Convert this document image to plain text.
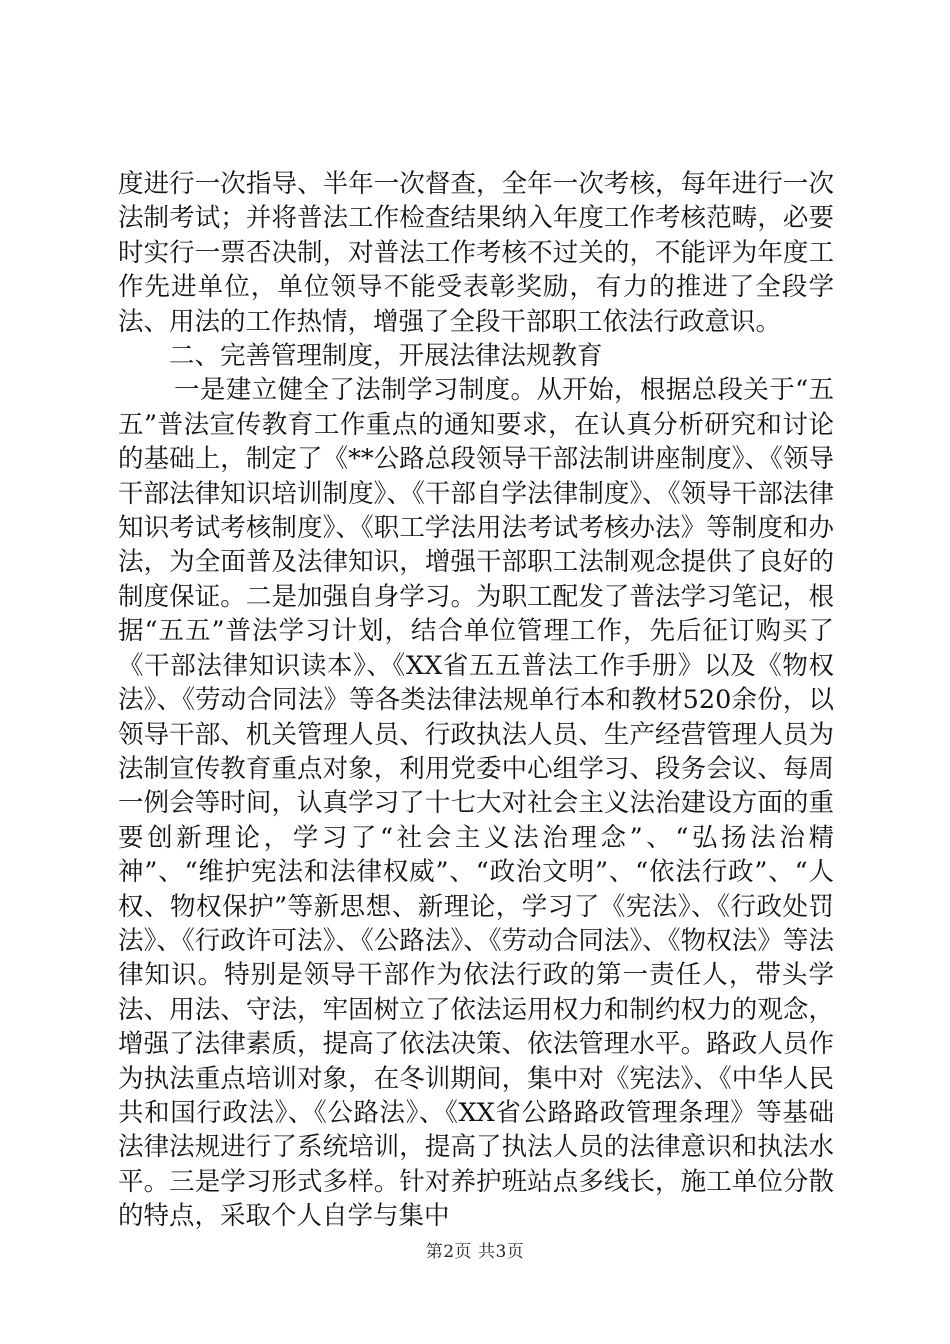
度进行一次指导、半年一次督查，全年一次考核，每年进行一次法制考试；并将普法工作检查结果纳入年度工作考核范畴，必要时实行一票否决制，对普法工作考核不过关的，不能评为年度工作先进单位，单位领导不能受表彰奖励，有力的推进了全段学法、用法的工作热情，增强了全段干部职工依法行政意识。

二、完善管理制度，开展法律法规教育

一是建立健全了法制学习制度。从开始，根据总段关于“五五”普法宣传教育工作重点的通知要求，在认真分析研究和讨论的基础上，制定了《**公路总段领导干部法制讲座制度》、《领导干部法律知识培训制度》、《干部自学法律制度》、《领导干部法律知识考试考核制度》、《职工学法用法考试考核办法》等制度和办法，为全面普及法律知识，增强干部职工法制观念提供了良好的制度保证。二是加强自身学习。为职工配发了普法学习笔记，根据“五五”普法学习计划，结合单位管理工作，先后征订购买了《干部法律知识读本》、《XX省五五普法工作手册》以及《物权法》、《劳动合同法》等各类法律法规单行本和教材520余份，以领导干部、机关管理人员、行政执法人员、生产经营管理人员为法制宣传教育重点对象，利用党委中心组学习、段务会议、每周一例会等时间，认真学习了十七大对社会主义法治建设方面的重要创新理论，学习了“社会主义法治理念”、“弘扬法治精神”、“维护宪法和法律权威”、“政治文明”、“依法行政”、“人权、物权保护”等新思想、新理论，学习了《宪法》、《行政处罚法》、《行政许可法》、《公路法》、《劳动合同法》、《物权法》等法律知识。特别是领导干部作为依法行政的第一责任人，带头学法、用法、守法，牢固树立了依法运用权力和制约权力的观念，增强了法律素质，提高了依法决策、依法管理水平。路政人员作为执法重点培训对象，在冬训期间，集中对《宪法》、《中华人民共和国行政法》、《公路法》、《XX省公路路政管理条理》等基础法律法规进行了系统培训，提高了执法人员的法律意识和执法水平。三是学习形式多样。针对养护班站点多线长，施工单位分散的特点，采取个人自学与集中

第2页 共3页
